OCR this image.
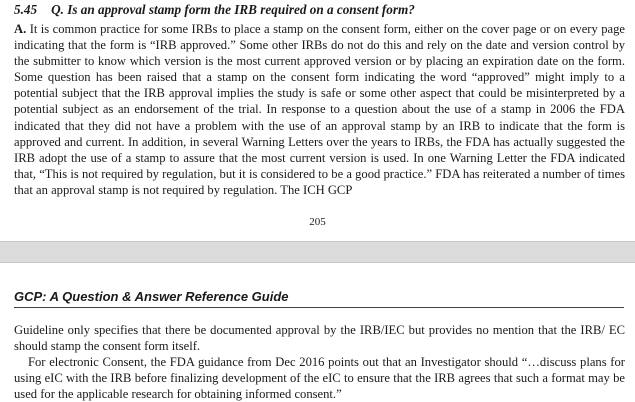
5.45 Q. Is an approval stamp form the IRB required on a consent form?
A. It is common practice for some IRBs to place a stamp on the consent form, either on the cover page or on every page indicating that the form is “IRB approved.” Some other IRBs do not do this and rely on the date and version control by the submitter to know which version is the most current approved version or by placing an expiration date on the form. Some question has been raised that a stamp on the consent form indicating the word “approved” might imply to a potential subject that the IRB approval implies the study is safe or some other aspect that could be misinterpreted by a potential subject as an endorsement of the trial. In response to a question about the use of a stamp in 2006 the FDA indicated that they did not have a problem with the use of an approval stamp by an IRB to indicate that the form is approved and current. In addition, in several Warning Letters over the years to IRBs, the FDA has actually suggested the IRB adopt the use of a stamp to assure that the most current version is used. In one Warning Letter the FDA indicated that, “This is not required by regulation, but it is considered to be a good practice.” FDA has reiterated a number of times that an approval stamp is not required by regulation. The ICH GCP
205
GCP: A Question & Answer Reference Guide

Guideline only specifies that there be documented approval by the IRB/IEC but provides no mention that the IRB/ EC should stamp the consent form itself.

For electronic Consent, the FDA guidance from Dec 2016 points out that an Investigator should “…discuss plans for using eIC with the IRB before finalizing development of the eIC to ensure that the IRB agrees that such a format may be used for the applicable research for obtaining informed consent.”
